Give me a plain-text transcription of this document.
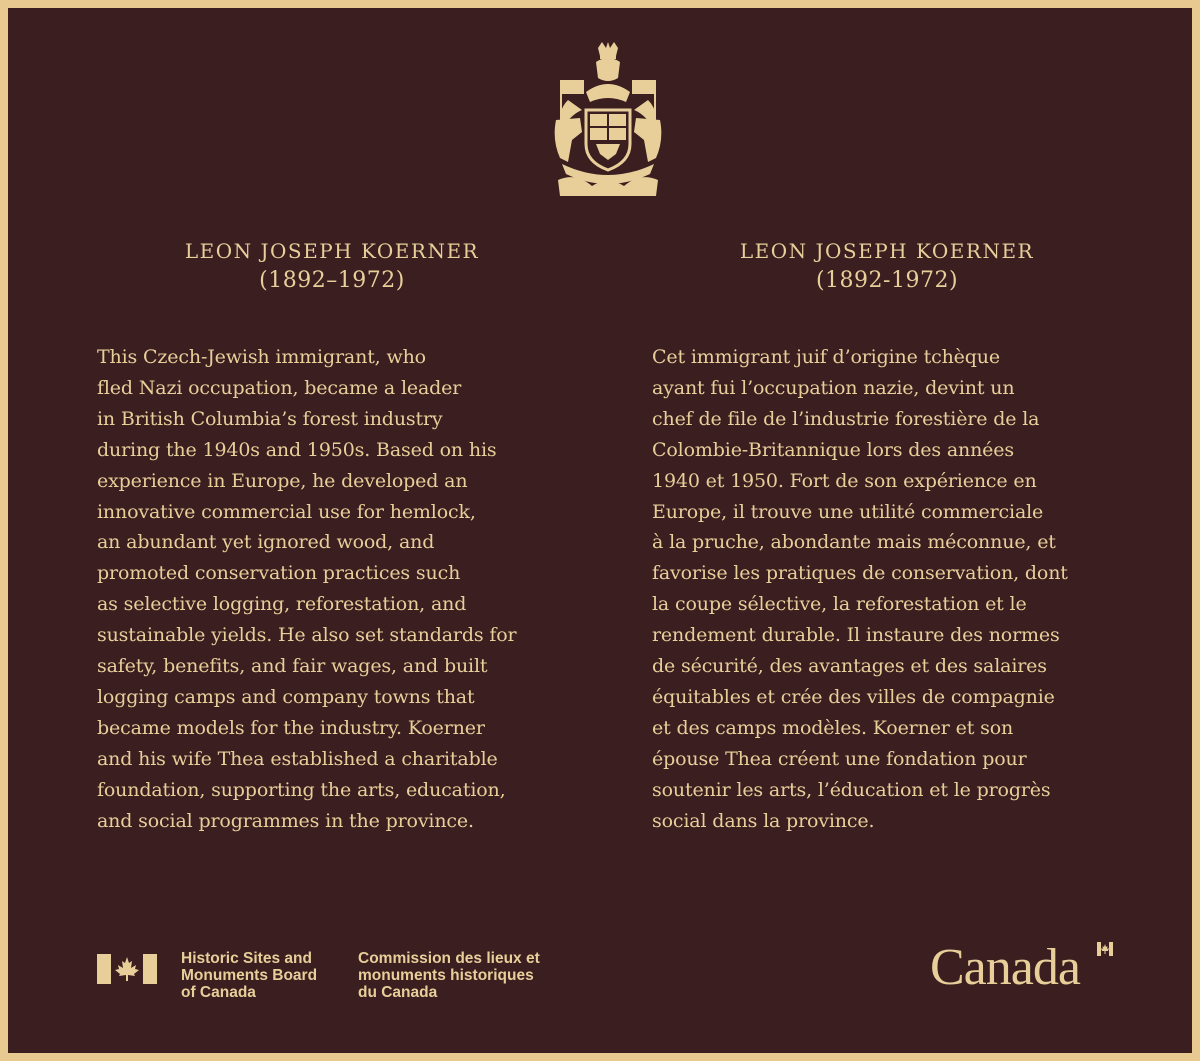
LEON JOSEPH KOERNER
(1892–1972)
This Czech-Jewish immigrant, who
fled Nazi occupation, became a leader
in British Columbia’s forest industry
during the 1940s and 1950s. Based on his
experience in Europe, he developed an
innovative commercial use for hemlock,
an abundant yet ignored wood, and
promoted conservation practices such
as selective logging, reforestation, and
sustainable yields. He also set standards for
safety, benefits, and fair wages, and built
logging camps and company towns that
became models for the industry. Koerner
and his wife Thea established a charitable
foundation, supporting the arts, education,
and social programmes in the province.
LEON JOSEPH KOERNER
(1892-1972)
Cet immigrant juif d’origine tchèque
ayant fui l’occupation nazie, devint un
chef de file de l’industrie forestière de la
Colombie-Britannique lors des années
1940 et 1950. Fort de son expérience en
Europe, il trouve une utilité commerciale
à la pruche, abondante mais méconnue, et
favorise les pratiques de conservation, dont
la coupe sélective, la reforestation et le
rendement durable. Il instaure des normes
de sécurité, des avantages et des salaires
équitables et crée des villes de compagnie
et des camps modèles. Koerner et son
épouse Thea créent une fondation pour
soutenir les arts, l’éducation et le progrès
social dans la province.
Historic Sites and
Monuments Board
of Canada
Commission des lieux et
monuments historiques
du Canada	Canada
